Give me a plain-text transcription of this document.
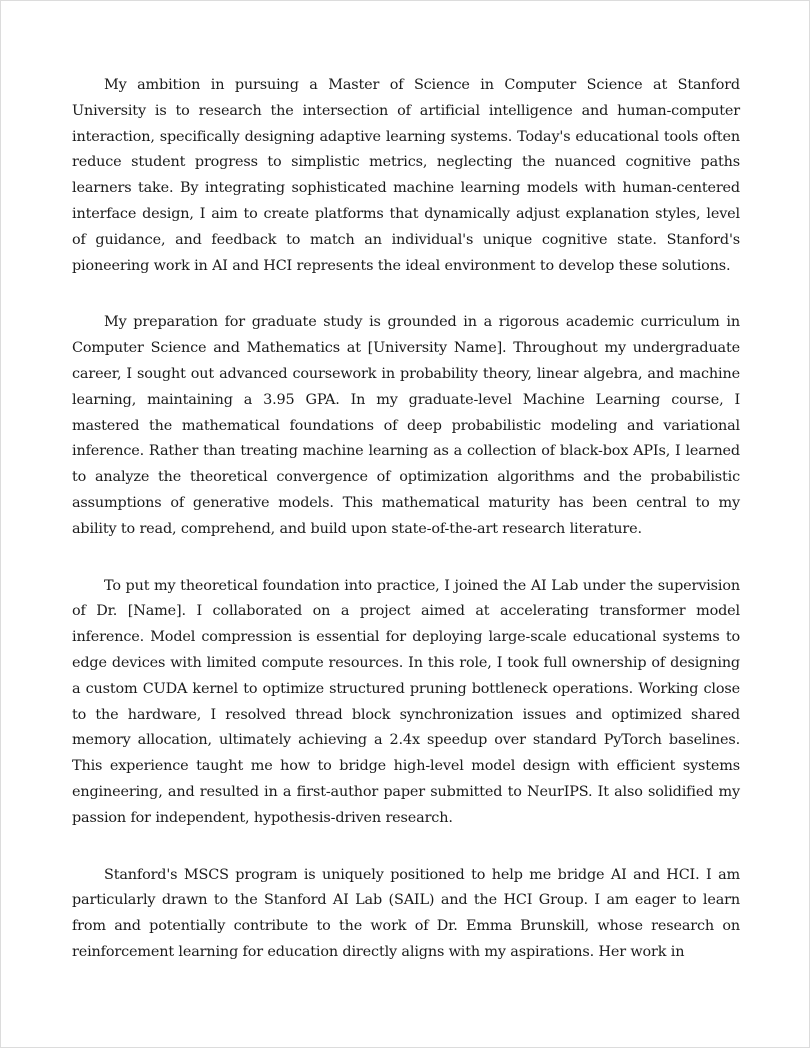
My ambition in pursuing a Master of Science in Computer Science at Stanford University is to research the intersection of artificial intelligence and human-computer interaction, specifically designing adaptive learning systems. Today's educational tools often reduce student progress to simplistic metrics, neglecting the nuanced cognitive paths learners take. By integrating sophisticated machine learning models with human-centered interface design, I aim to create platforms that dynamically adjust explanation styles, level of guidance, and feedback to match an individual's unique cognitive state. Stanford's pioneering work in AI and HCI represents the ideal environment to develop these solutions.

My preparation for graduate study is grounded in a rigorous academic curriculum in Computer Science and Mathematics at [University Name]. Throughout my undergraduate career, I sought out advanced coursework in probability theory, linear algebra, and machine learning, maintaining a 3.95 GPA. In my graduate-level Machine Learning course, I mastered the mathematical foundations of deep probabilistic modeling and variational inference. Rather than treating machine learning as a collection of black-box APIs, I learned to analyze the theoretical convergence of optimization algorithms and the probabilistic assumptions of generative models. This mathematical maturity has been central to my ability to read, comprehend, and build upon state-of-the-art research literature.

To put my theoretical foundation into practice, I joined the AI Lab under the supervision of Dr. [Name]. I collaborated on a project aimed at accelerating transformer model inference. Model compression is essential for deploying large-scale educational systems to edge devices with limited compute resources. In this role, I took full ownership of designing a custom CUDA kernel to optimize structured pruning bottleneck operations. Working close to the hardware, I resolved thread block synchronization issues and optimized shared memory allocation, ultimately achieving a 2.4x speedup over standard PyTorch baselines. This experience taught me how to bridge high-level model design with efficient systems engineering, and resulted in a first-author paper submitted to NeurIPS. It also solidified my passion for independent, hypothesis-driven research.

Stanford's MSCS program is uniquely positioned to help me bridge AI and HCI. I am particularly drawn to the Stanford AI Lab (SAIL) and the HCI Group. I am eager to learn from and potentially contribute to the work of Dr. Emma Brunskill, whose research on reinforcement learning for education directly aligns with my aspirations. Her work in
